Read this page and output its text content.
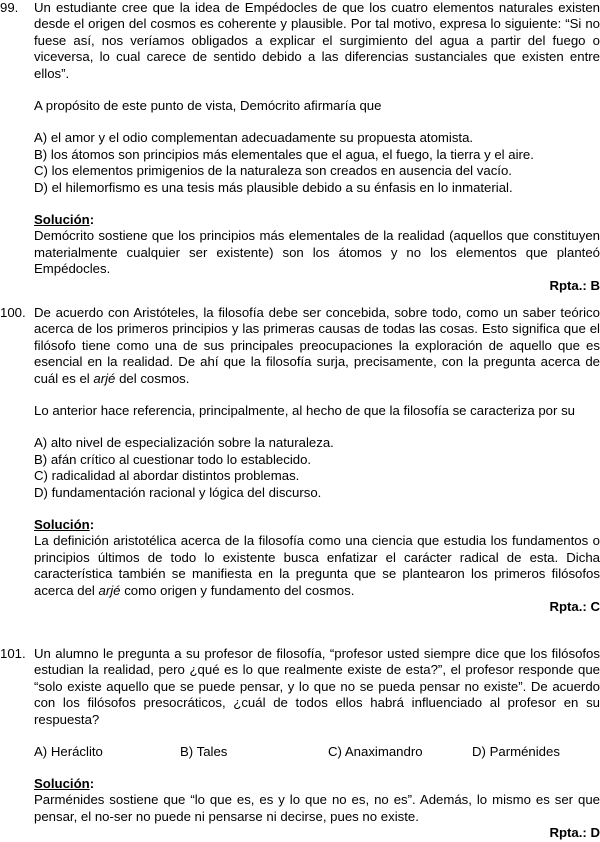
99. Un estudiante cree que la idea de Empédocles de que los cuatro elementos naturales existen desde el origen del cosmos es coherente y plausible. Por tal motivo, expresa lo siguiente: “Si no fuese así, nos veríamos obligados a explicar el surgimiento del agua a partir del fuego o viceversa, lo cual carece de sentido debido a las diferencias sustanciales que existen entre ellos”.

A propósito de este punto de vista, Demócrito afirmaría que

A) el amor y el odio complementan adecuadamente su propuesta atomista.

B) los átomos son principios más elementales que el agua, el fuego, la tierra y el aire.

C) los elementos primigenios de la naturaleza son creados en ausencia del vacío.

D) el hilemorfismo es una tesis más plausible debido a su énfasis en lo inmaterial.

Solución:

Demócrito sostiene que los principios más elementales de la realidad (aquellos que constituyen materialmente cualquier ser existente) son los átomos y no los elementos que planteó Empédocles.

Rpta.: B

100. De acuerdo con Aristóteles, la filosofía debe ser concebida, sobre todo, como un saber teórico acerca de los primeros principios y las primeras causas de todas las cosas. Esto significa que el filósofo tiene como una de sus principales preocupaciones la exploración de aquello que es esencial en la realidad. De ahí que la filosofía surja, precisamente, con la pregunta acerca de cuál es el arjé del cosmos.

Lo anterior hace referencia, principalmente, al hecho de que la filosofía se caracteriza por su

A) alto nivel de especialización sobre la naturaleza.

B) afán crítico al cuestionar todo lo establecido.

C) radicalidad al abordar distintos problemas.

D) fundamentación racional y lógica del discurso.

Solución:

La definición aristotélica acerca de la filosofía como una ciencia que estudia los fundamentos o principios últimos de todo lo existente busca enfatizar el carácter radical de esta. Dicha característica también se manifiesta en la pregunta que se plantearon los primeros filósofos acerca del arjé como origen y fundamento del cosmos.

Rpta.: C

101. Un alumno le pregunta a su profesor de filosofía, “profesor usted siempre dice que los filósofos estudian la realidad, pero ¿qué es lo que realmente existe de esta?”, el profesor responde que “solo existe aquello que se puede pensar, y lo que no se pueda pensar no existe”. De acuerdo con los filósofos presocráticos, ¿cuál de todos ellos habrá influenciado al profesor en su respuesta?

A) Heráclito	B) Tales	C) Anaximandro	D) Parménides

Solución:

Parménides sostiene que “lo que es, es y lo que no es, no es”. Además, lo mismo es ser que pensar, el no-ser no puede ni pensarse ni decirse, pues no existe.

Rpta.: D
